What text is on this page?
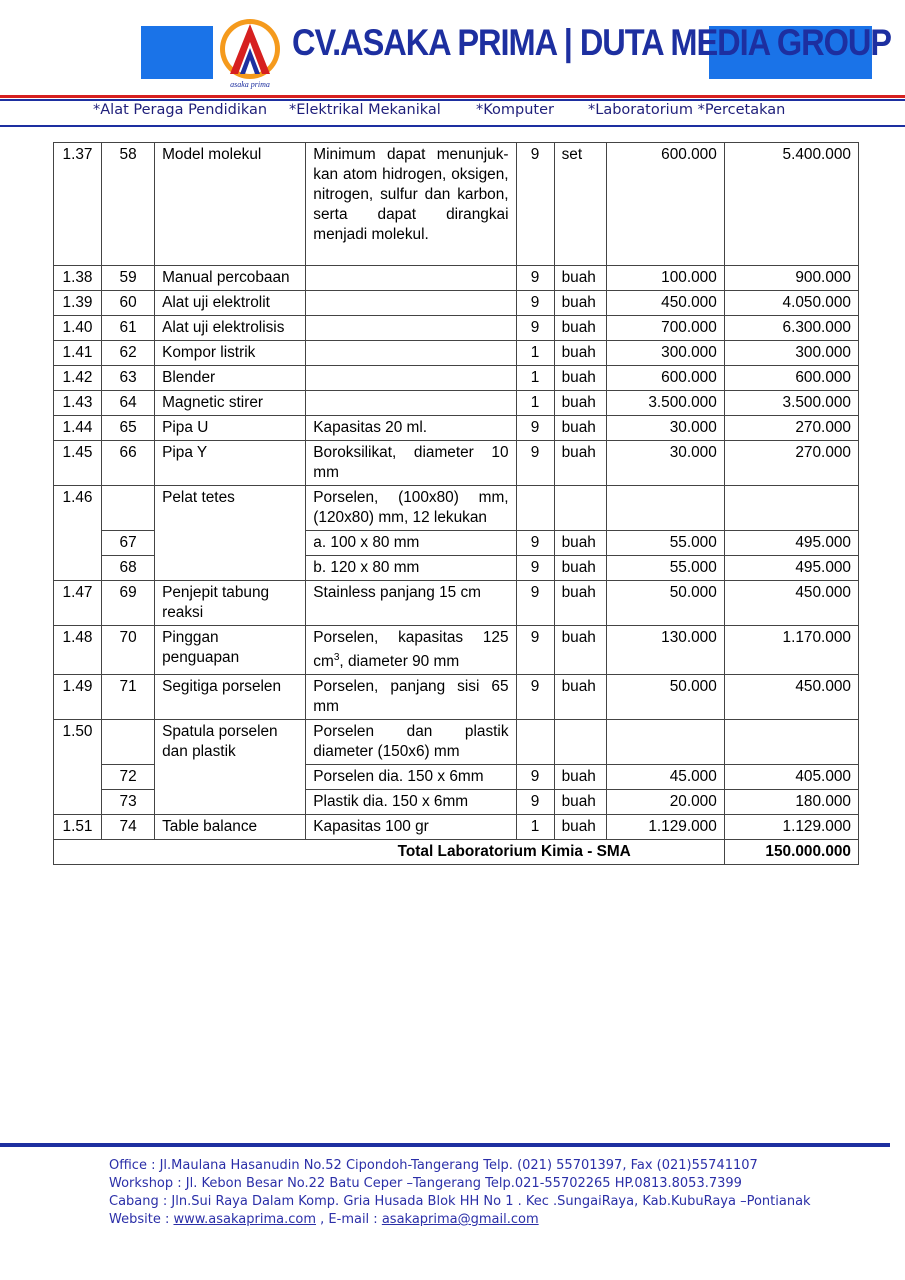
asaka prima
CV.ASAKA PRIMA | DUTA MEDIA GROUP
*Alat Peraga Pendidikan *Elektrikal Mekanikal *Komputer *Laboratorium *Percetakan
1.37	58	Model molekul	Minimum dapat menunjuk-kan atom hidrogen, oksigen, nitrogen, sulfur dan karbon, serta dapat dirangkai menjadi molekul.	9	set	600.000	5.400.000
1.38	59	Manual percobaan		9	buah	100.000	900.000
1.39	60	Alat uji elektrolit		9	buah	450.000	4.050.000
1.40	61	Alat uji elektrolisis		9	buah	700.000	6.300.000
1.41	62	Kompor listrik		1	buah	300.000	300.000
1.42	63	Blender		1	buah	600.000	600.000
1.43	64	Magnetic stirer		1	buah	3.500.000	3.500.000
1.44	65	Pipa U	Kapasitas 20 ml.	9	buah	30.000	270.000
1.45	66	Pipa Y	Boroksilikat, diameter 10 mm	9	buah	30.000	270.000
1.46		Pelat tetes	Porselen, (100x80) mm, (120x80) mm, 12 lekukan				
	67		a. 100 x 80 mm	9	buah	55.000	495.000
	68		b. 120 x 80 mm	9	buah	55.000	495.000
1.47	69	Penjepit tabung reaksi	Stainless panjang 15 cm	9	buah	50.000	450.000
1.48	70	Pinggan penguapan	Porselen, kapasitas 125 $cm^3$, diameter 90 mm	9	buah	130.000	1.170.000
1.49	71	Segitiga porselen	Porselen, panjang sisi 65 mm	9	buah	50.000	450.000
1.50		Spatula porselen dan plastik	Porselen dan plastik diameter (150x6) mm				
	72		Porselen dia. 150 x 6mm	9	buah	45.000	405.000
	73		Plastik dia. 150 x 6mm	9	buah	20.000	180.000
1.51	74	Table balance	Kapasitas 100 gr	1	buah	1.129.000	1.129.000
Total Laboratorium Kimia - SMA							150.000.000
Office : Jl.Maulana Hasanudin No.52 Cipondoh-Tangerang Telp. (021) 55701397, Fax (021)55741107
Workshop : Jl. Kebon Besar No.22 Batu Ceper –Tangerang Telp.021-55702265 HP.0813.8053.7399
Cabang : Jln.Sui Raya Dalam Komp. Gria Husada Blok HH No 1 . Kec .SungaiRaya, Kab.KubuRaya –Pontianak
Website : www.asakaprima.com , E-mail : asakaprima@gmail.com
